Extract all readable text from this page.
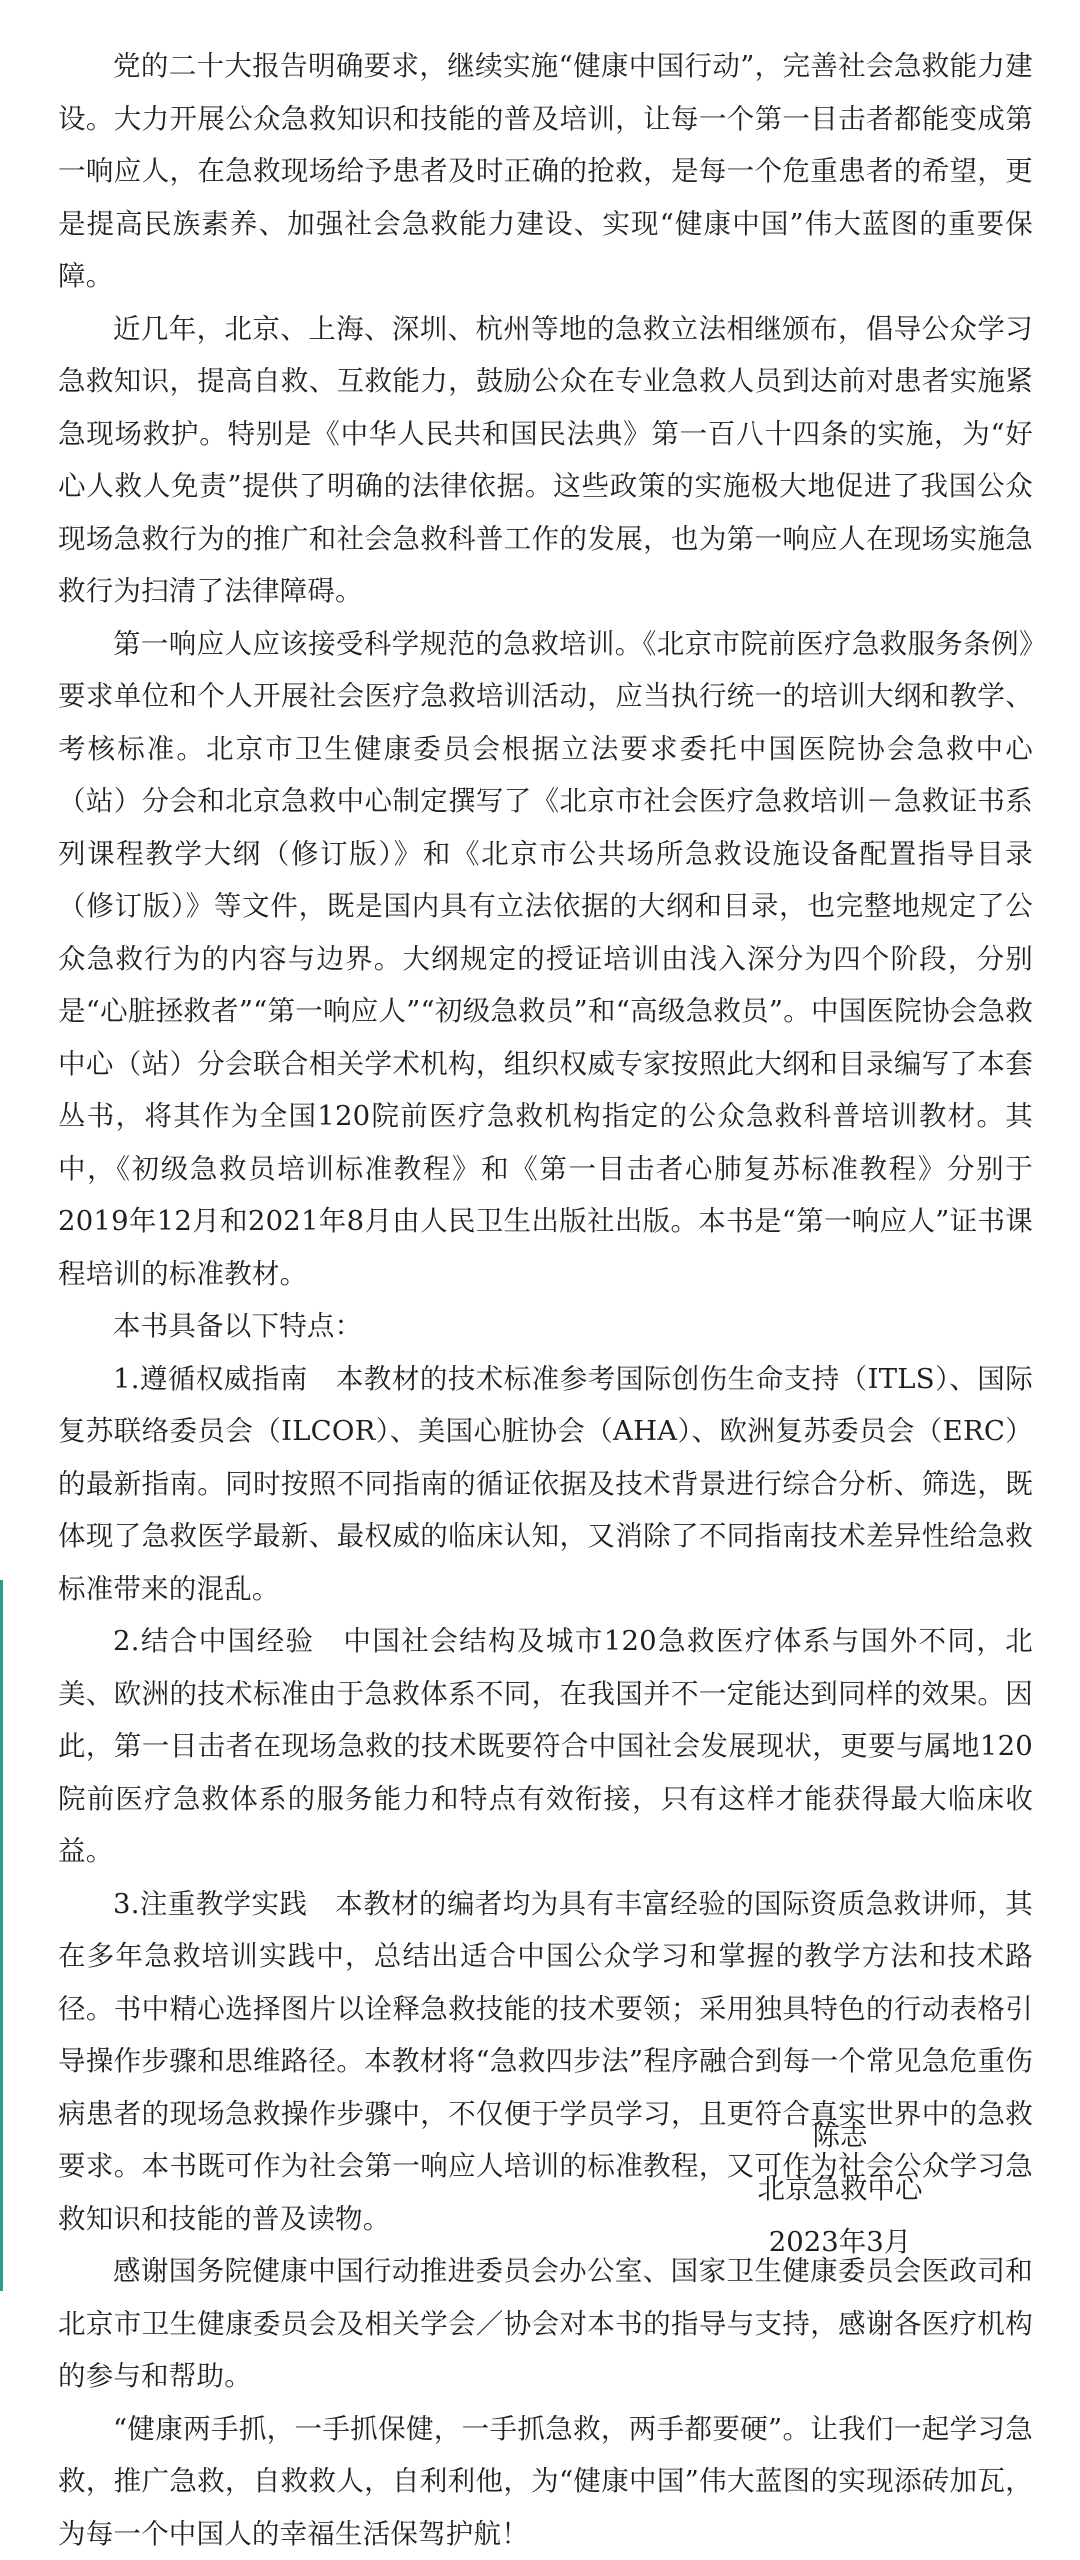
党的二十大报告明确要求，继续实施“健康中国行动”，完善社会急救能力建设。大力开展公众急救知识和技能的普及培训，让每一个第一目击者都能变成第一响应人，在急救现场给予患者及时正确的抢救，是每一个危重患者的希望，更是提高民族素养、加强社会急救能力建设、实现“健康中国”伟大蓝图的重要保障。

近几年，北京、上海、深圳、杭州等地的急救立法相继颁布，倡导公众学习急救知识，提高自救、互救能力，鼓励公众在专业急救人员到达前对患者实施紧急现场救护。特别是《中华人民共和国民法典》第一百八十四条的实施，为“好心人救人免责”提供了明确的法律依据。这些政策的实施极大地促进了我国公众现场急救行为的推广和社会急救科普工作的发展，也为第一响应人在现场实施急救行为扫清了法律障碍。

第一响应人应该接受科学规范的急救培训。《北京市院前医疗急救服务条例》要求单位和个人开展社会医疗急救培训活动，应当执行统一的培训大纲和教学、考核标准。北京市卫生健康委员会根据立法要求委托中国医院协会急救中心（站）分会和北京急救中心制定撰写了《北京市社会医疗急救培训－急救证书系列课程教学大纲（修订版）》和《北京市公共场所急救设施设备配置指导目录（修订版）》等文件，既是国内具有立法依据的大纲和目录，也完整地规定了公众急救行为的内容与边界。大纲规定的授证培训由浅入深分为四个阶段，分别是“心脏拯救者”“第一响应人”“初级急救员”和“高级急救员”。中国医院协会急救中心（站）分会联合相关学术机构，组织权威专家按照此大纲和目录编写了本套丛书，将其作为全国120院前医疗急救机构指定的公众急救科普培训教材。其中，《初级急救员培训标准教程》和《第一目击者心肺复苏标准教程》分别于2019年12月和2021年8月由人民卫生出版社出版。本书是“第一响应人”证书课程培训的标准教材。

本书具备以下特点：

1.遵循权威指南　本教材的技术标准参考国际创伤生命支持（ITLS）、国际复苏联络委员会（ILCOR）、美国心脏协会（AHA）、欧洲复苏委员会（ERC）的最新指南。同时按照不同指南的循证依据及技术背景进行综合分析、筛选，既体现了急救医学最新、最权威的临床认知，又消除了不同指南技术差异性给急救标准带来的混乱。

2.结合中国经验　中国社会结构及城市120急救医疗体系与国外不同，北美、欧洲的技术标准由于急救体系不同，在我国并不一定能达到同样的效果。因此，第一目击者在现场急救的技术既要符合中国社会发展现状，更要与属地120院前医疗急救体系的服务能力和特点有效衔接，只有这样才能获得最大临床收益。

3.注重教学实践　本教材的编者均为具有丰富经验的国际资质急救讲师，其在多年急救培训实践中，总结出适合中国公众学习和掌握的教学方法和技术路径。书中精心选择图片以诠释急救技能的技术要领；采用独具特色的行动表格引导操作步骤和思维路径。本教材将“急救四步法”程序融合到每一个常见急危重伤病患者的现场急救操作步骤中，不仅便于学员学习，且更符合真实世界中的急救要求。本书既可作为社会第一响应人培训的标准教程，又可作为社会公众学习急救知识和技能的普及读物。

感谢国务院健康中国行动推进委员会办公室、国家卫生健康委员会医政司和北京市卫生健康委员会及相关学会／协会对本书的指导与支持，感谢各医疗机构的参与和帮助。

“健康两手抓，一手抓保健，一手抓急救，两手都要硬”。让我们一起学习急救，推广急救，自救救人，自利利他，为“健康中国”伟大蓝图的实现添砖加瓦，为每一个中国人的幸福生活保驾护航！

陈志
北京急救中心
2023年3月
